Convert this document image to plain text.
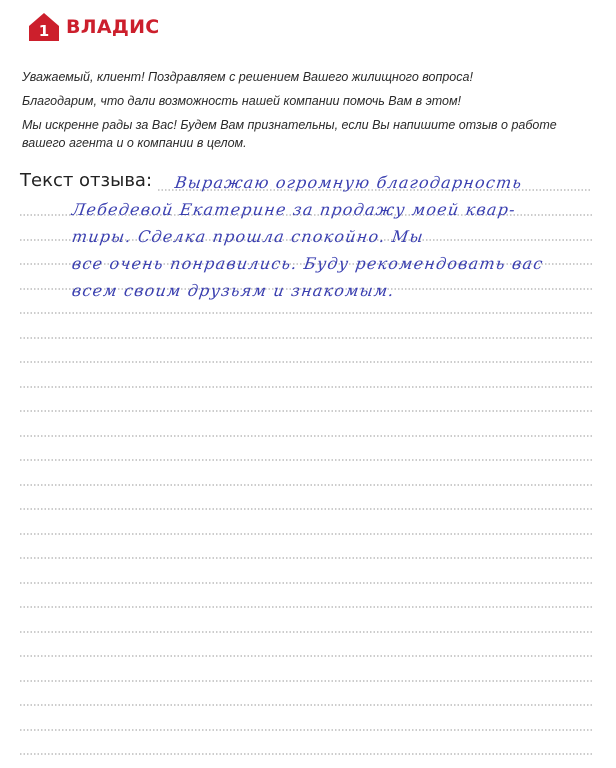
1 ВЛАДИС

Уважаемый, клиент! Поздравляем с решением Вашего жилищного вопроса!

Благодарим, что дали возможность нашей компании помочь Вам в этом!

Мы искренне рады за Вас! Будем Вам признательны, если Вы напишите отзыв о работе вашего агента и о компании в целом.

Текст отзыва: Выражаю огромную благодарность
Лебедевой Екатерине за продажу моей квар-
тиры. Сделка прошла спокойно. Мы
все очень понравились. Буду рекомендовать вас
всем своим друзьям и знакомым.
